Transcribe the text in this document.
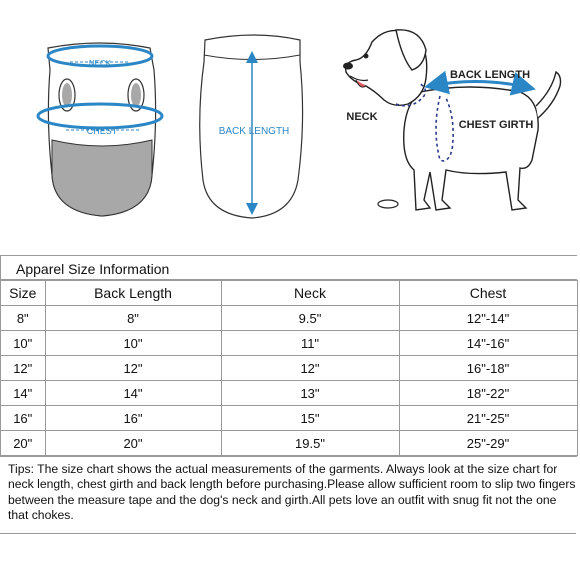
NECK
CHEST	BACK LENGTH
BACK LENGTH
NECK
CHEST GIRTH
Apparel Size Information
Size	Back Length	Neck	Chest
8"	8"	9.5"	12"-14"
10"	10"	11"	14"-16"
12"	12"	12"	16"-18"
14"	14"	13"	18"-22"
16"	16"	15"	21"-25"
20"	20"	19.5"	25"-29"
Tips: The size chart shows the actual measurements of the garments. Always look at the size chart for neck length, chest girth and back length before purchasing.Please allow sufficient room to slip two fingers between the measure tape and the dog's neck and girth.All pets love an outfit with snug fit not the one that chokes.
